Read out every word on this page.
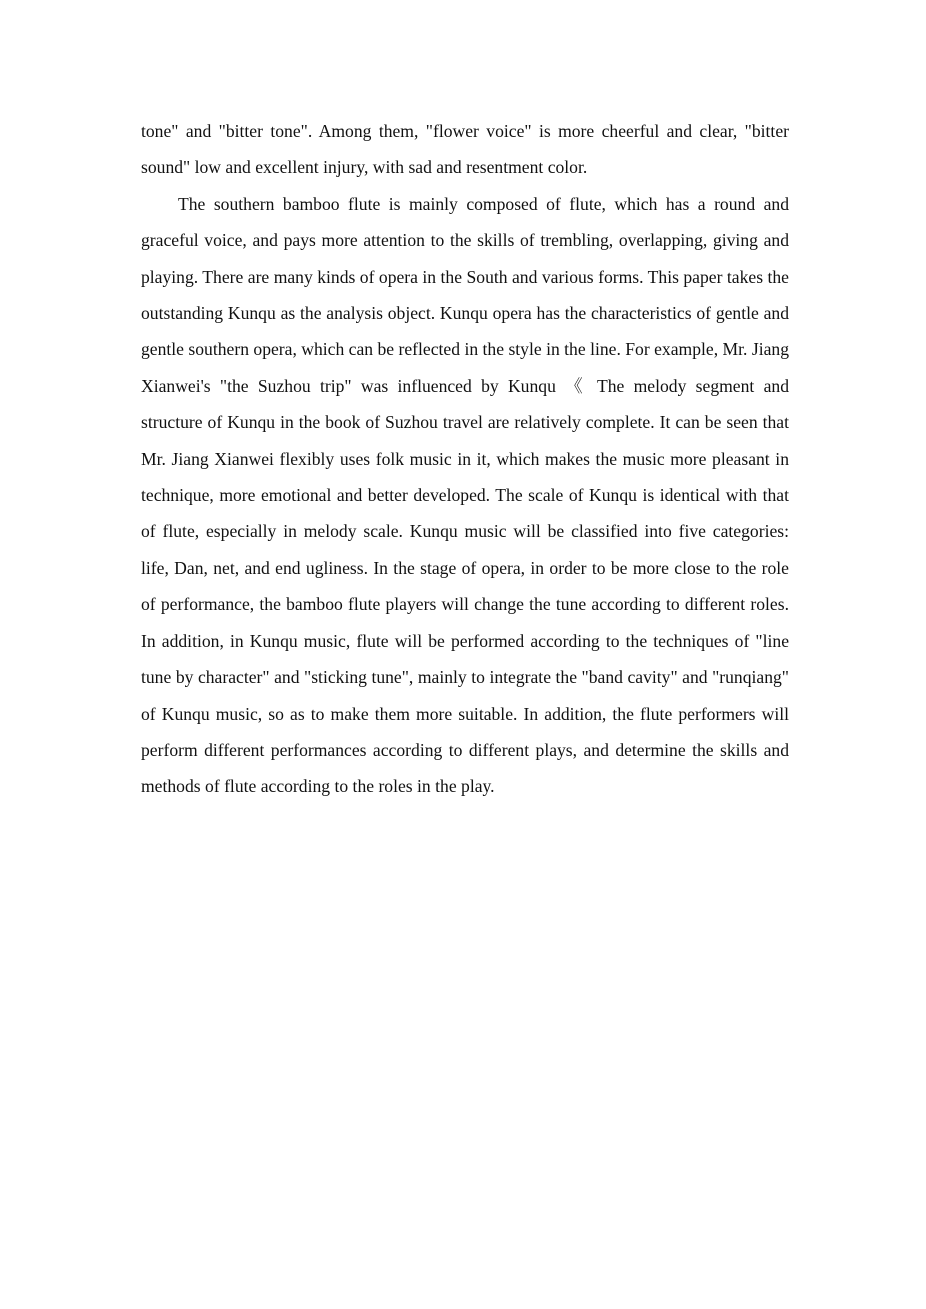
tone" and "bitter tone". Among them, "flower voice" is more cheerful and clear, "bitter sound" low and excellent injury, with sad and resentment color.

The southern bamboo flute is mainly composed of flute, which has a round and graceful voice, and pays more attention to the skills of trembling, overlapping, giving and playing. There are many kinds of opera in the South and various forms. This paper takes the outstanding Kunqu as the analysis object. Kunqu opera has the characteristics of gentle and gentle southern opera, which can be reflected in the style in the line. For example, Mr. Jiang Xianwei's "the Suzhou trip" was influenced by Kunqu 《 The melody segment and structure of Kunqu in the book of Suzhou travel are relatively complete. It can be seen that Mr. Jiang Xianwei flexibly uses folk music in it, which makes the music more pleasant in technique, more emotional and better developed. The scale of Kunqu is identical with that of flute, especially in melody scale. Kunqu music will be classified into five categories: life, Dan, net, and end ugliness. In the stage of opera, in order to be more close to the role of performance, the bamboo flute players will change the tune according to different roles. In addition, in Kunqu music, flute will be performed according to the techniques of "line tune by character" and "sticking tune", mainly to integrate the "band cavity" and "runqiang" of Kunqu music, so as to make them more suitable. In addition, the flute performers will perform different performances according to different plays, and determine the skills and methods of flute according to the roles in the play.
